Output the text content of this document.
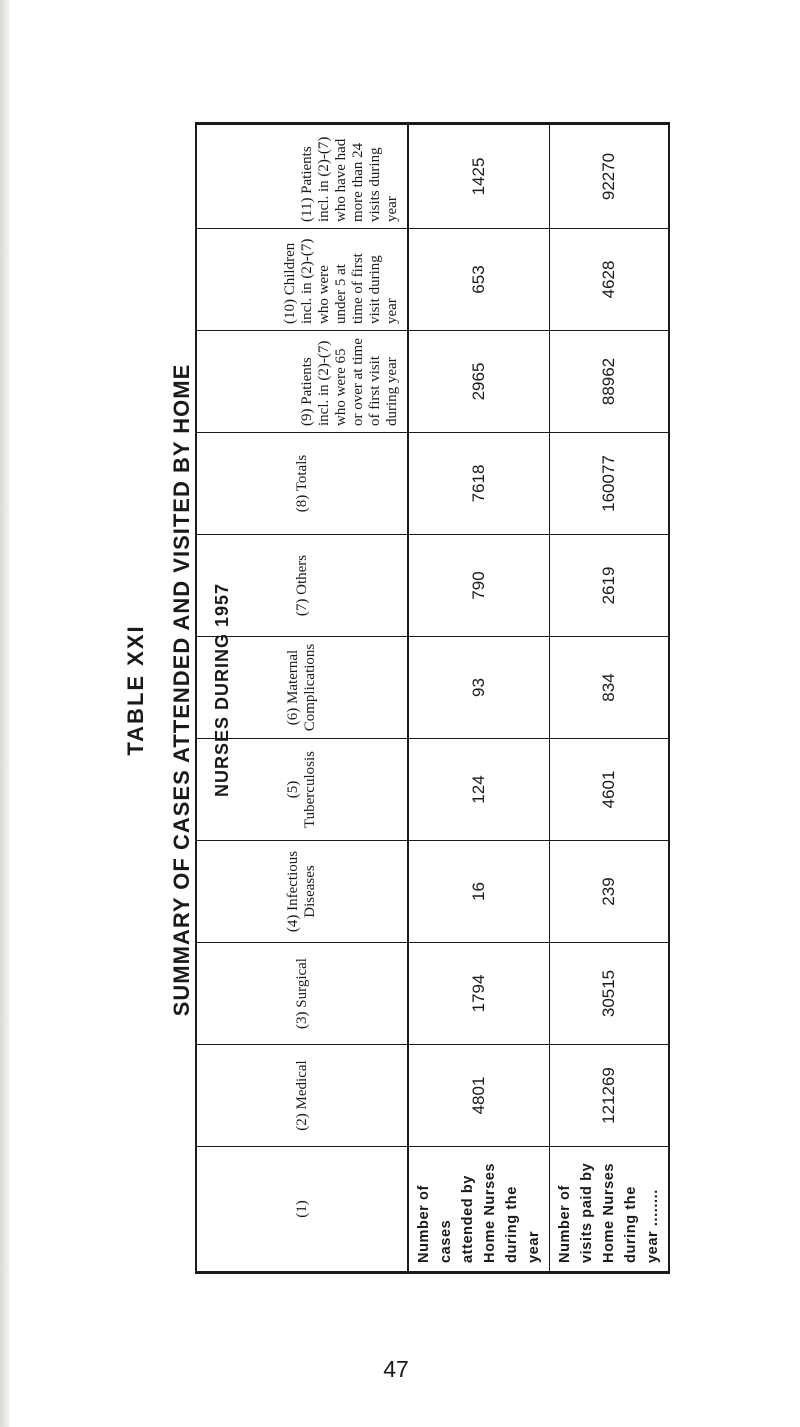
TABLE XXI SUMMARY OF CASES ATTENDED AND VISITED BY HOME	NURSES DURING 1957
(1)	(2) Medical	(3) Surgical	(4) Infectious Diseases	(5) Tuberculosis	(6) Maternal Complications	(7) Others	(8) Totals	(9) Patients incl. in (2)-(7) who were 65 or over at time of first visit during year	(10) Children incl. in (2)-(7) who were under 5 at time of first visit during year	(11) Patients incl. in (2)-(7) who have had more than 24 visits during year
Number of cases attended by Home Nurses during the year	4801	1794	16	124	93	790	7618	2965	653	1425
Number of visits paid by Home Nurses during the year ........	121269	30515	239	4601	834	2619	160077	88962	4628	92270
47
